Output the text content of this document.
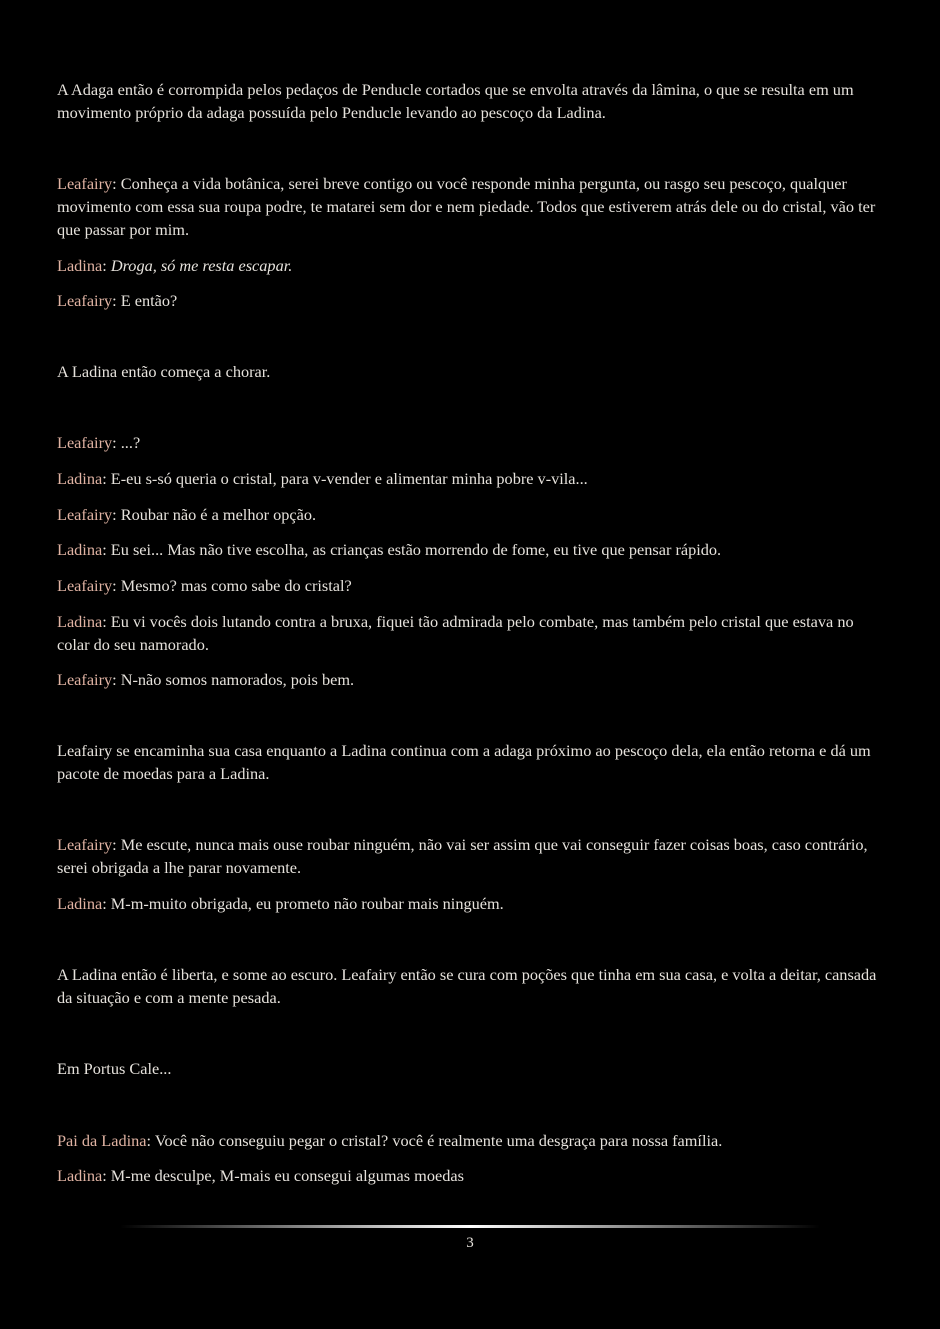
A Adaga então é corrompida pelos pedaços de Penducle cortados que se envolta através da lâmina, o que se resulta em um movimento próprio da adaga possuída pelo Penducle levando ao pescoço da Ladina.

Leafairy: Conheça a vida botânica, serei breve contigo ou você responde minha pergunta, ou rasgo seu pescoço, qualquer movimento com essa sua roupa podre, te matarei sem dor e nem piedade. Todos que estiverem atrás dele ou do cristal, vão ter que passar por mim.

Ladina: Droga, só me resta escapar.

Leafairy: E então?

A Ladina então começa a chorar.

Leafairy: ...?

Ladina: E-eu s-só queria o cristal, para v-vender e alimentar minha pobre v-vila...

Leafairy: Roubar não é a melhor opção.

Ladina: Eu sei... Mas não tive escolha, as crianças estão morrendo de fome, eu tive que pensar rápido.

Leafairy: Mesmo? mas como sabe do cristal?

Ladina: Eu vi vocês dois lutando contra a bruxa, fiquei tão admirada pelo combate, mas também pelo cristal que estava no colar do seu namorado.

Leafairy: N-não somos namorados, pois bem.

Leafairy se encaminha sua casa enquanto a Ladina continua com a adaga próximo ao pescoço dela, ela então retorna e dá um pacote de moedas para a Ladina.

Leafairy: Me escute, nunca mais ouse roubar ninguém, não vai ser assim que vai conseguir fazer coisas boas, caso contrário, serei obrigada a lhe parar novamente.

Ladina: M-m-muito obrigada, eu prometo não roubar mais ninguém.

A Ladina então é liberta, e some ao escuro. Leafairy então se cura com poções que tinha em sua casa, e volta a deitar, cansada da situação e com a mente pesada.

Em Portus Cale...

Pai da Ladina: Você não conseguiu pegar o cristal? você é realmente uma desgraça para nossa família.

Ladina: M-me desculpe, M-mais eu consegui algumas moedas

3
